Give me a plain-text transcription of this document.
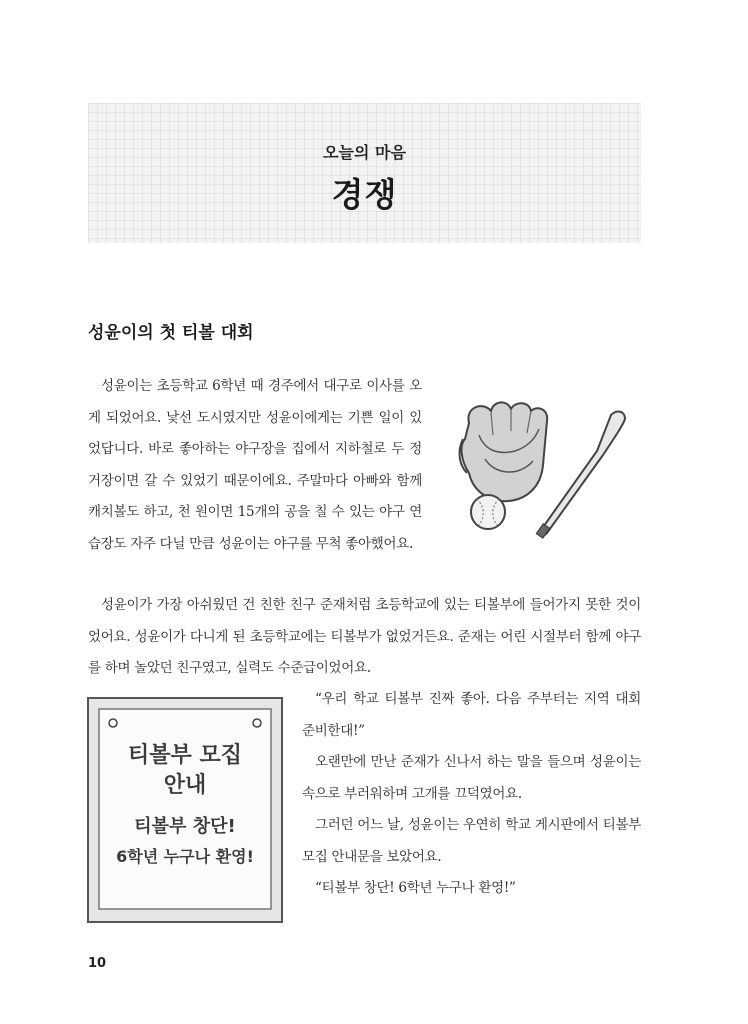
오늘의 마음
경쟁
성윤이의 첫 티볼 대회

성윤이는 초등학교 6학년 때 경주에서 대구로 이사를 오게 되었어요. 낯선 도시였지만 성윤이에게는 기쁜 일이 있었답니다. 바로 좋아하는 야구장을 집에서 지하철로 두 정거장이면 갈 수 있었기 때문이에요. 주말마다 아빠와 함께 캐치볼도 하고, 천 원이면 15개의 공을 칠 수 있는 야구 연습장도 자주 다닐 만큼 성윤이는 야구를 무척 좋아했어요.

성윤이가 가장 아쉬웠던 건 친한 친구 준재처럼 초등학교에 있는 티볼부에 들어가지 못한 것이었어요. 성윤이가 다니게 된 초등학교에는 티볼부가 없었거든요. 준재는 어린 시절부터 함께 야구를 하며 놀았던 친구였고, 실력도 수준급이었어요.

티볼부 모집
안내
티볼부 창단!
6학년 누구나 환영!

“우리 학교 티볼부 진짜 좋아. 다음 주부터는 지역 대회 준비한대!”

오랜만에 만난 준재가 신나서 하는 말을 들으며 성윤이는 속으로 부러워하며 고개를 끄덕였어요.

그러던 어느 날, 성윤이는 우연히 학교 게시판에서 티볼부 모집 안내문을 보았어요.

“티볼부 창단! 6학년 누구나 환영!”

10
